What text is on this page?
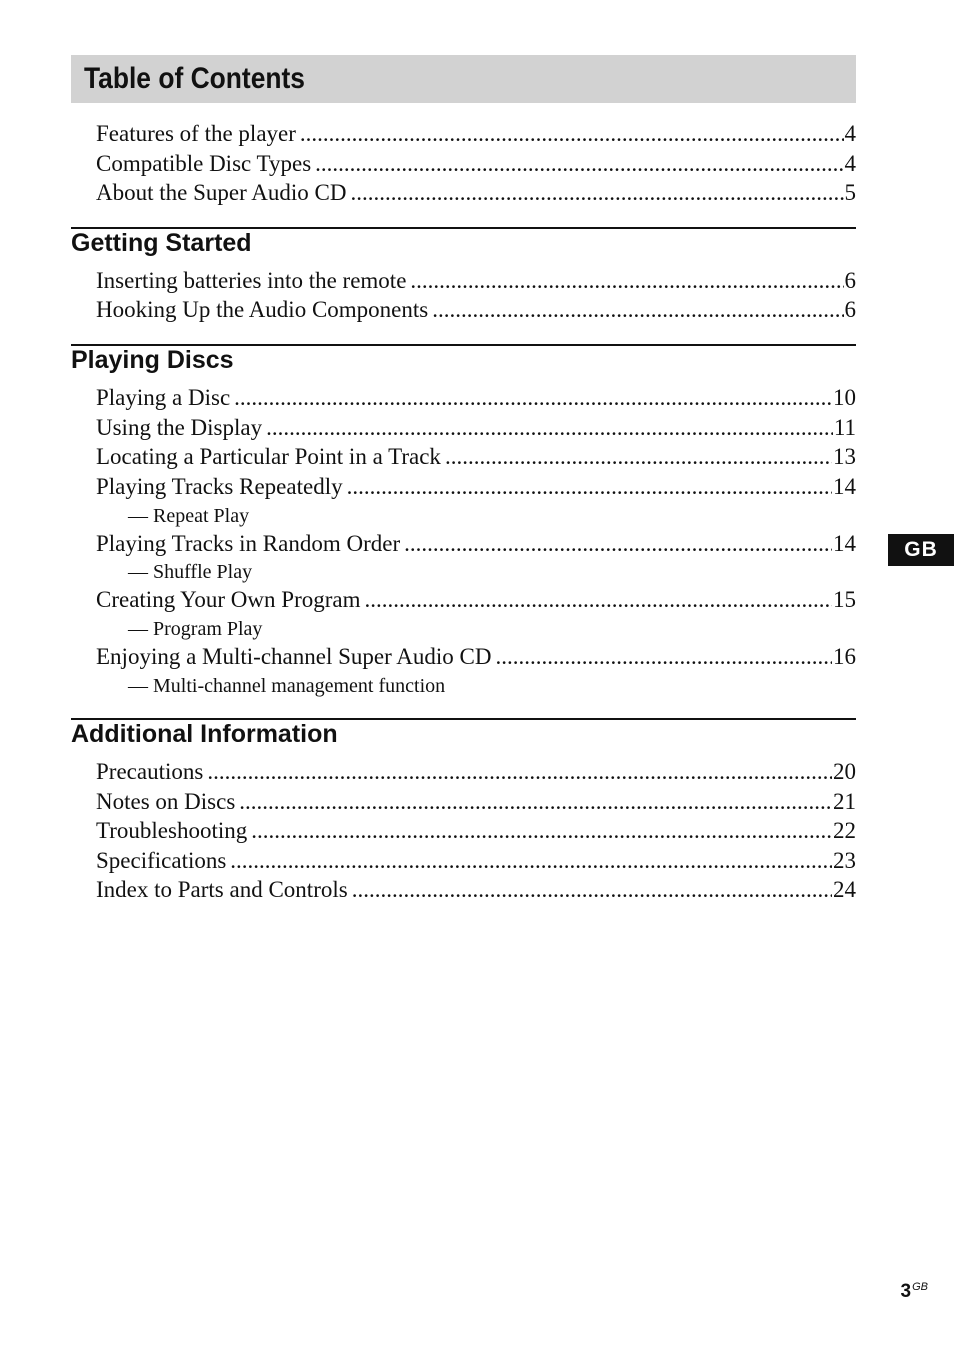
Table of Contents
Features of the player .....	4
Compatible Disc Types .....	4
About the Super Audio CD .....	5
Getting Started
Inserting batteries into the remote .....	6
Hooking Up the Audio Components .....	6
Playing Discs
Playing a Disc .....	10
Using the Display .....	11
Locating a Particular Point in a Track .....	13
Playing Tracks Repeatedly .....	14
— Repeat Play
Playing Tracks in Random Order .....	14
— Shuffle Play
Creating Your Own Program .....	15
— Program Play
Enjoying a Multi-channel Super Audio CD .....	16
— Multi-channel management function
Additional Information
Precautions .....	20
Notes on Discs .....	21
Troubleshooting .....	22
Specifications .....	23
Index to Parts and Controls .....	24
GB
$3^{GB}$
